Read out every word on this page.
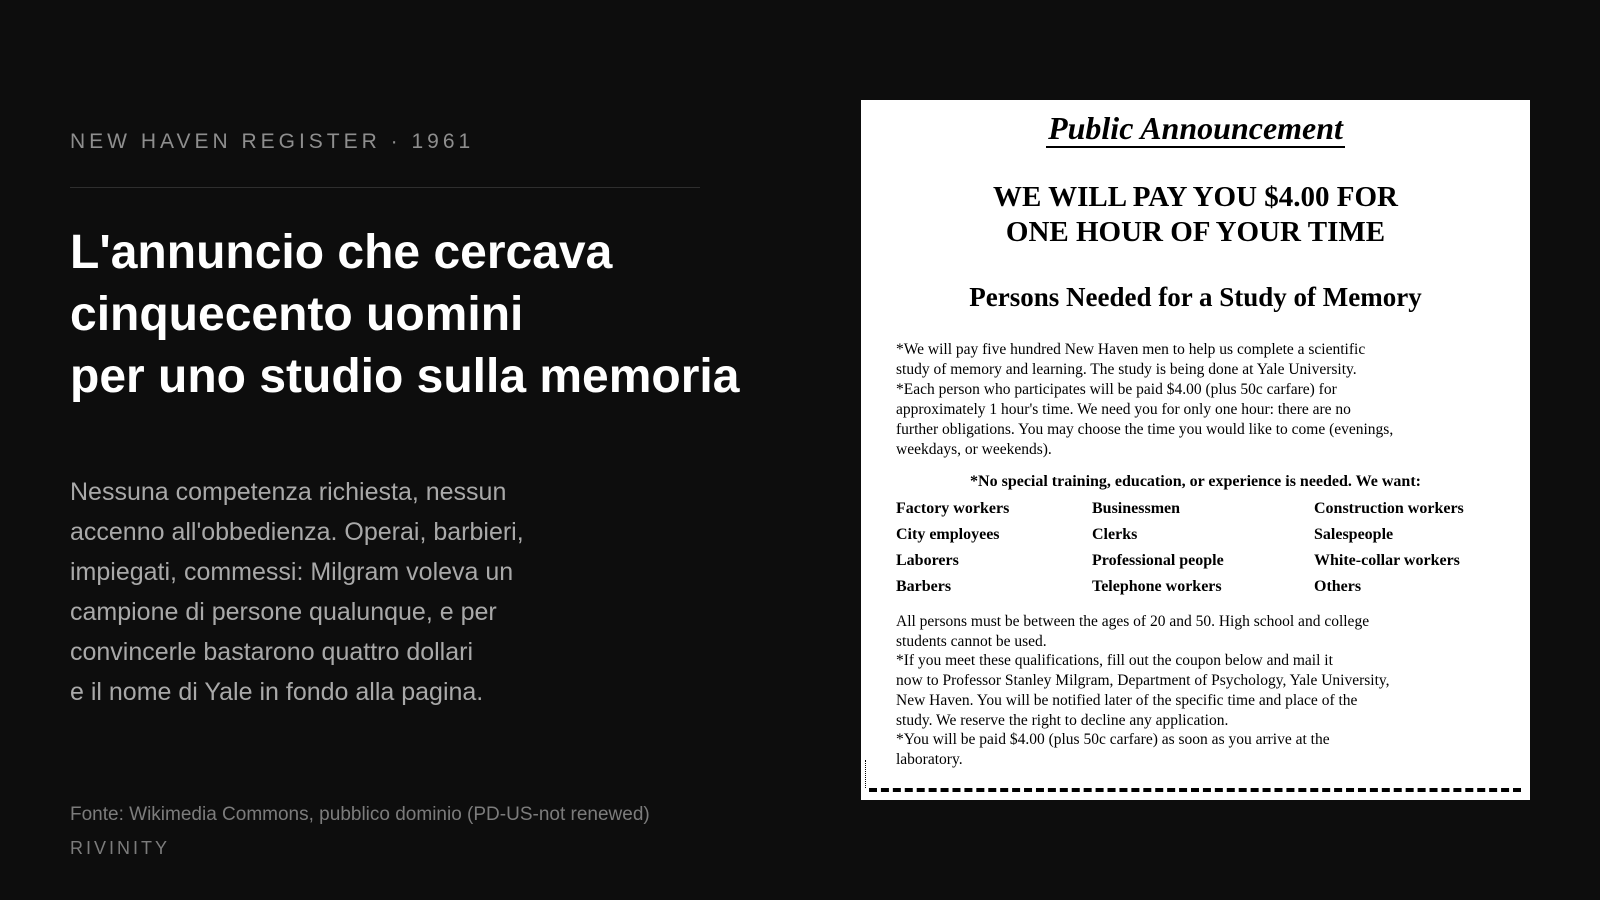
NEW HAVEN REGISTER · 1961
L'annuncio che cercava
cinquecento uomini
per uno studio sulla memoria
Nessuna competenza richiesta, nessun
accenno all'obbedienza. Operai, barbieri,
impiegati, commessi: Milgram voleva un
campione di persone qualunque, e per
convincerle bastarono quattro dollari
e il nome di Yale in fondo alla pagina.
Fonte: Wikimedia Commons, pubblico dominio (PD-US-not renewed)
RIVINITY
Public Announcement
WE WILL PAY YOU $4.00 FOR
ONE HOUR OF YOUR TIME
Persons Needed for a Study of Memory
*We will pay five hundred New Haven men to help us complete a scientific
study of memory and learning. The study is being done at Yale University.
*Each person who participates will be paid $4.00 (plus 50c carfare) for
approximately 1 hour's time. We need you for only one hour: there are no
further obligations. You may choose the time you would like to come (evenings,
weekdays, or weekends).
*No special training, education, or experience is needed. We want:
Factory workers	Businessmen	Construction workers
City employees	Clerks	Salespeople
Laborers	Professional people	White-collar workers
Barbers	Telephone workers	Others
All persons must be between the ages of 20 and 50. High school and college
students cannot be used.
*If you meet these qualifications, fill out the coupon below and mail it
now to Professor Stanley Milgram, Department of Psychology, Yale University,
New Haven. You will be notified later of the specific time and place of the
study. We reserve the right to decline any application.
*You will be paid $4.00 (plus 50c carfare) as soon as you arrive at the
laboratory.
